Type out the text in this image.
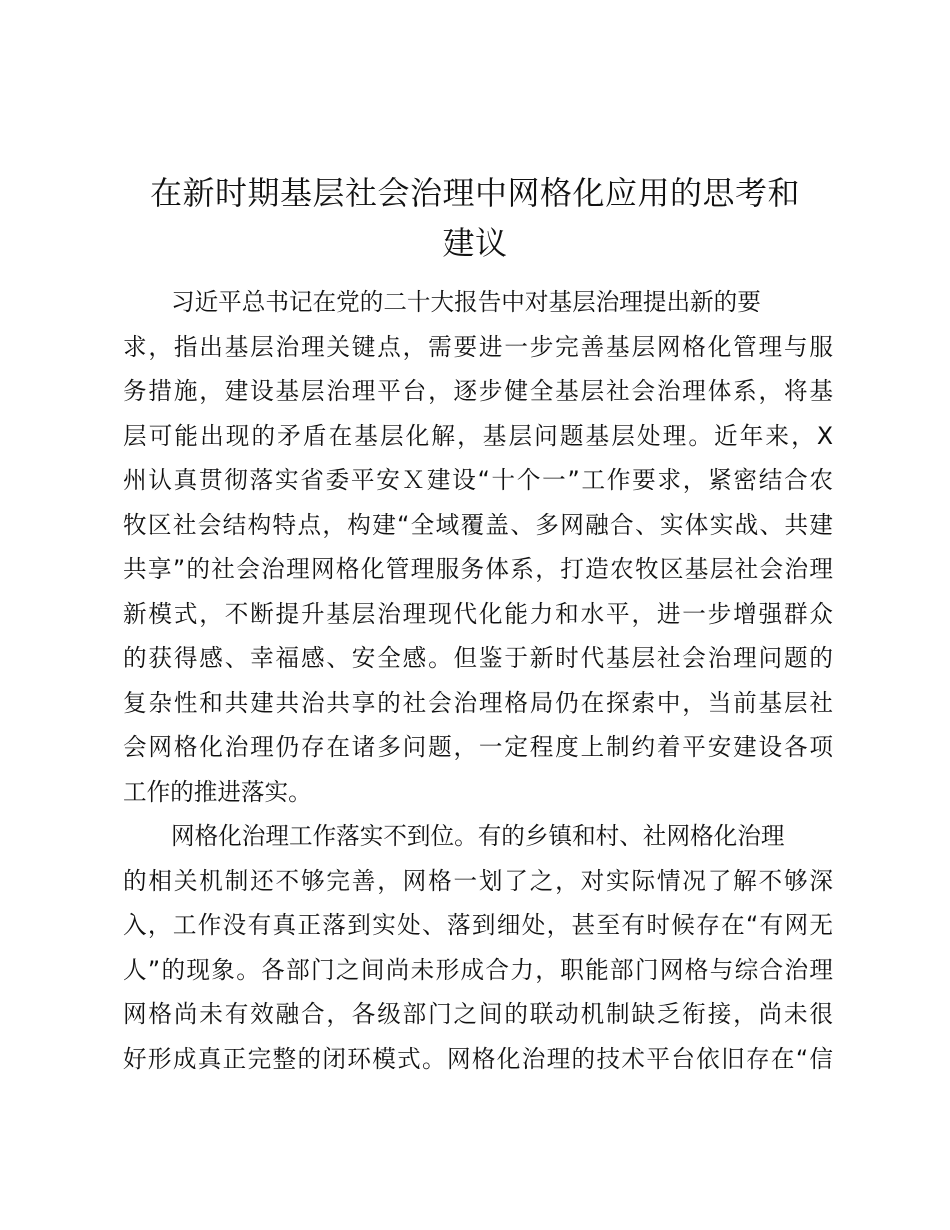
在新时期基层社会治理中网格化应用的思考和
建议

习近平总书记在党的二十大报告中对基层治理提出新的要
求，指出基层治理关键点，需要进一步完善基层网格化管理与服
务措施，建设基层治理平台，逐步健全基层社会治理体系，将基
层可能出现的矛盾在基层化解，基层问题基层处理。近年来，X
州认真贯彻落实省委平安Ｘ建设“十个一”工作要求，紧密结合农
牧区社会结构特点，构建“全域覆盖、多网融合、实体实战、共建
共享”的社会治理网格化管理服务体系，打造农牧区基层社会治理
新模式，不断提升基层治理现代化能力和水平，进一步增强群众
的获得感、幸福感、安全感。但鉴于新时代基层社会治理问题的
复杂性和共建共治共享的社会治理格局仍在探索中，当前基层社
会网格化治理仍存在诸多问题，一定程度上制约着平安建设各项
工作的推进落实。

网格化治理工作落实不到位。有的乡镇和村、社网格化治理
的相关机制还不够完善，网格一划了之，对实际情况了解不够深
入，工作没有真正落到实处、落到细处，甚至有时候存在“有网无
人”的现象。各部门之间尚未形成合力，职能部门网格与综合治理
网格尚未有效融合，各级部门之间的联动机制缺乏衔接，尚未很
好形成真正完整的闭环模式。网格化治理的技术平台依旧存在“信
